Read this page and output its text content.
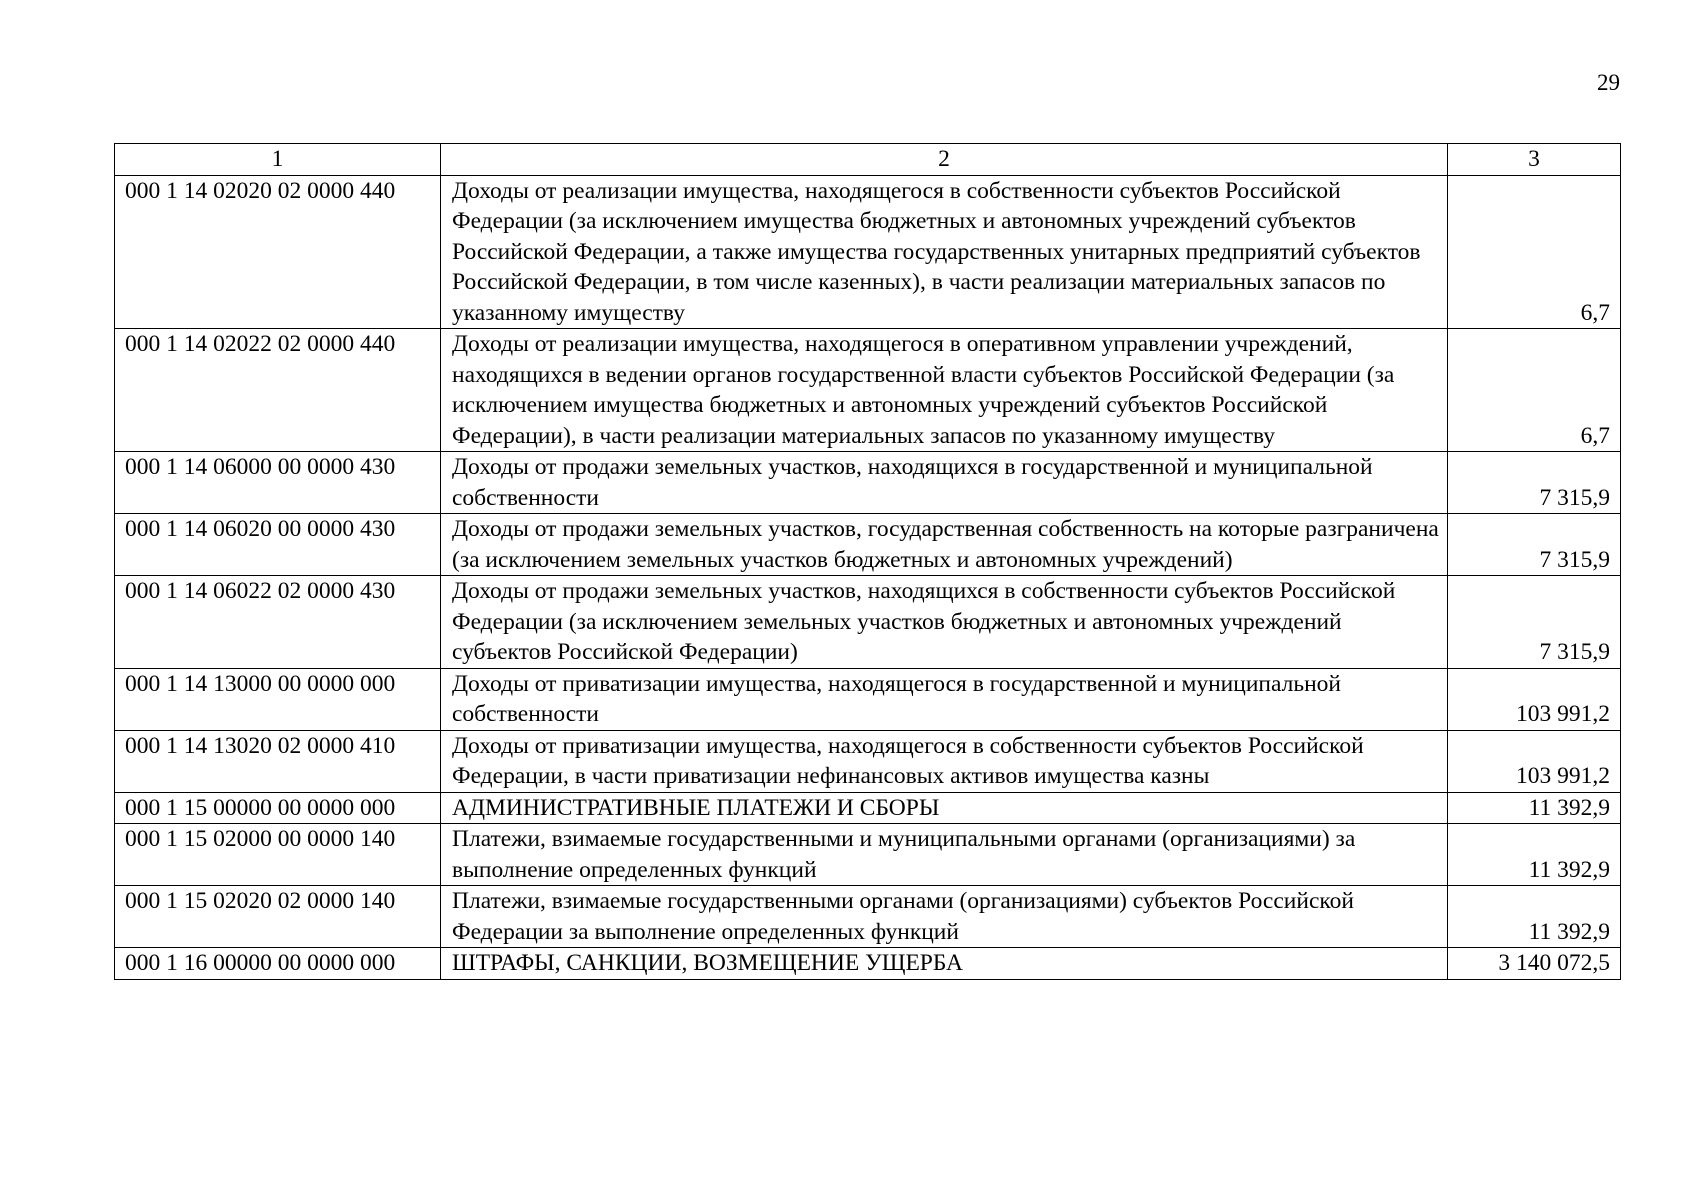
29
1	2	3
000 1 14 02020 02 0000 440	Доходы от реализации имущества, находящегося в собственности субъектов Российской Федерации (за исключением имущества бюджетных и автономных учреждений субъектов Российской Федерации, а также имущества государственных унитарных предприятий субъектов Российской Федерации, в том числе казенных), в части реализации материальных запасов по указанному имуществу	6,7
000 1 14 02022 02 0000 440	Доходы от реализации имущества, находящегося в оперативном управлении учреждений, находящихся в ведении органов государственной власти субъектов Российской Федерации (за исключением имущества бюджетных и автономных учреждений субъектов Российской Федерации), в части реализации материальных запасов по указанному имуществу	6,7
000 1 14 06000 00 0000 430	Доходы от продажи земельных участков, находящихся в государственной и муниципальной собственности	7 315,9
000 1 14 06020 00 0000 430	Доходы от продажи земельных участков, государственная собственность на которые разграничена (за исключением земельных участков бюджетных и автономных учреждений)	7 315,9
000 1 14 06022 02 0000 430	Доходы от продажи земельных участков, находящихся в собственности субъектов Российской Федерации (за исключением земельных участков бюджетных и автономных учреждений субъектов Российской Федерации)	7 315,9
000 1 14 13000 00 0000 000	Доходы от приватизации имущества, находящегося в государственной и муниципальной собственности	103 991,2
000 1 14 13020 02 0000 410	Доходы от приватизации имущества, находящегося в собственности субъектов Российской Федерации, в части приватизации нефинансовых активов имущества казны	103 991,2
000 1 15 00000 00 0000 000	АДМИНИСТРАТИВНЫЕ ПЛАТЕЖИ И СБОРЫ	11 392,9
000 1 15 02000 00 0000 140	Платежи, взимаемые государственными и муниципальными органами (организациями) за выполнение определенных функций	11 392,9
000 1 15 02020 02 0000 140	Платежи, взимаемые государственными органами (организациями) субъектов Российской Федерации за выполнение определенных функций	11 392,9
000 1 16 00000 00 0000 000	ШТРАФЫ, САНКЦИИ, ВОЗМЕЩЕНИЕ УЩЕРБА	3 140 072,5
